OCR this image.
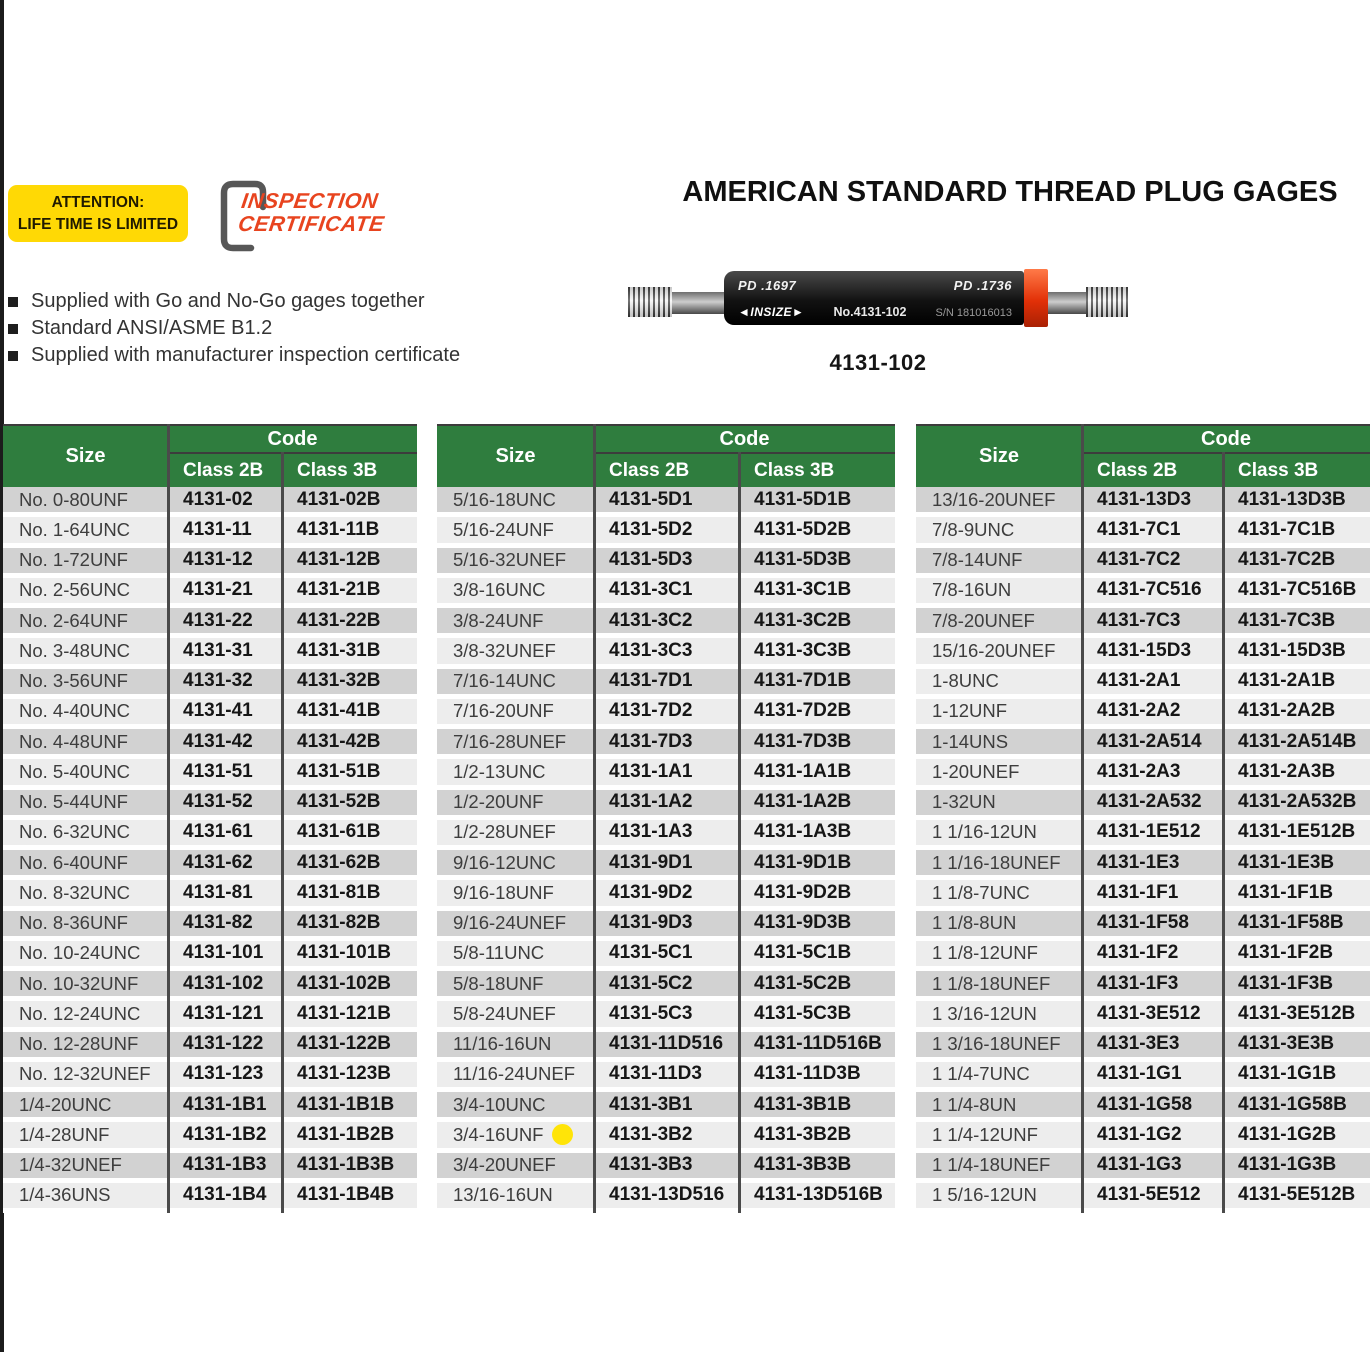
ATTENTION:
LIFE TIME IS LIMITED
INSPECTION
CERTIFICATE
AMERICAN STANDARD THREAD PLUG GAGES
Supplied with Go and No-Go gages together
Standard ANSI/ASME B1.2
Supplied with manufacturer inspection certificate
PD .1697	PD .1736
◄INSIZE► No.4131-102	S/N 181016013
4131-102
Size
Code
Class 2B	Class 3B
No. 0-80UNF	4131-02	4131-02B
No. 1-64UNC	4131-11	4131-11B
No. 1-72UNF	4131-12	4131-12B
No. 2-56UNC	4131-21	4131-21B
No. 2-64UNF	4131-22	4131-22B
No. 3-48UNC	4131-31	4131-31B
No. 3-56UNF	4131-32	4131-32B
No. 4-40UNC	4131-41	4131-41B
No. 4-48UNF	4131-42	4131-42B
No. 5-40UNC	4131-51	4131-51B
No. 5-44UNF	4131-52	4131-52B
No. 6-32UNC	4131-61	4131-61B
No. 6-40UNF	4131-62	4131-62B
No. 8-32UNC	4131-81	4131-81B
No. 8-36UNF	4131-82	4131-82B
No. 10-24UNC	4131-101	4131-101B
No. 10-32UNF	4131-102	4131-102B
No. 12-24UNC	4131-121	4131-121B
No. 12-28UNF	4131-122	4131-122B
No. 12-32UNEF	4131-123	4131-123B
1/4-20UNC	4131-1B1	4131-1B1B
1/4-28UNF	4131-1B2	4131-1B2B
1/4-32UNEF	4131-1B3	4131-1B3B
1/4-36UNS	4131-1B4	4131-1B4B
Size
Code
Class 2B	Class 3B
5/16-18UNC	4131-5D1	4131-5D1B
5/16-24UNF	4131-5D2	4131-5D2B
5/16-32UNEF	4131-5D3	4131-5D3B
3/8-16UNC	4131-3C1	4131-3C1B
3/8-24UNF	4131-3C2	4131-3C2B
3/8-32UNEF	4131-3C3	4131-3C3B
7/16-14UNC	4131-7D1	4131-7D1B
7/16-20UNF	4131-7D2	4131-7D2B
7/16-28UNEF	4131-7D3	4131-7D3B
1/2-13UNC	4131-1A1	4131-1A1B
1/2-20UNF	4131-1A2	4131-1A2B
1/2-28UNEF	4131-1A3	4131-1A3B
9/16-12UNC	4131-9D1	4131-9D1B
9/16-18UNF	4131-9D2	4131-9D2B
9/16-24UNEF	4131-9D3	4131-9D3B
5/8-11UNC	4131-5C1	4131-5C1B
5/8-18UNF	4131-5C2	4131-5C2B
5/8-24UNEF	4131-5C3	4131-5C3B
11/16-16UN	4131-11D516	4131-11D516B
11/16-24UNEF	4131-11D3	4131-11D3B
3/4-10UNC	4131-3B1	4131-3B1B
3/4-16UNF	4131-3B2	4131-3B2B
3/4-20UNEF	4131-3B3	4131-3B3B
13/16-16UN	4131-13D516	4131-13D516B
Size
Code
Class 2B	Class 3B
13/16-20UNEF	4131-13D3	4131-13D3B
7/8-9UNC	4131-7C1	4131-7C1B
7/8-14UNF	4131-7C2	4131-7C2B
7/8-16UN	4131-7C516	4131-7C516B
7/8-20UNEF	4131-7C3	4131-7C3B
15/16-20UNEF	4131-15D3	4131-15D3B
1-8UNC	4131-2A1	4131-2A1B
1-12UNF	4131-2A2	4131-2A2B
1-14UNS	4131-2A514	4131-2A514B
1-20UNEF	4131-2A3	4131-2A3B
1-32UN	4131-2A532	4131-2A532B
1 1/16-12UN	4131-1E512	4131-1E512B
1 1/16-18UNEF	4131-1E3	4131-1E3B
1 1/8-7UNC	4131-1F1	4131-1F1B
1 1/8-8UN	4131-1F58	4131-1F58B
1 1/8-12UNF	4131-1F2	4131-1F2B
1 1/8-18UNEF	4131-1F3	4131-1F3B
1 3/16-12UN	4131-3E512	4131-3E512B
1 3/16-18UNEF	4131-3E3	4131-3E3B
1 1/4-7UNC	4131-1G1	4131-1G1B
1 1/4-8UN	4131-1G58	4131-1G58B
1 1/4-12UNF	4131-1G2	4131-1G2B
1 1/4-18UNEF	4131-1G3	4131-1G3B
1 5/16-12UN	4131-5E512	4131-5E512B
